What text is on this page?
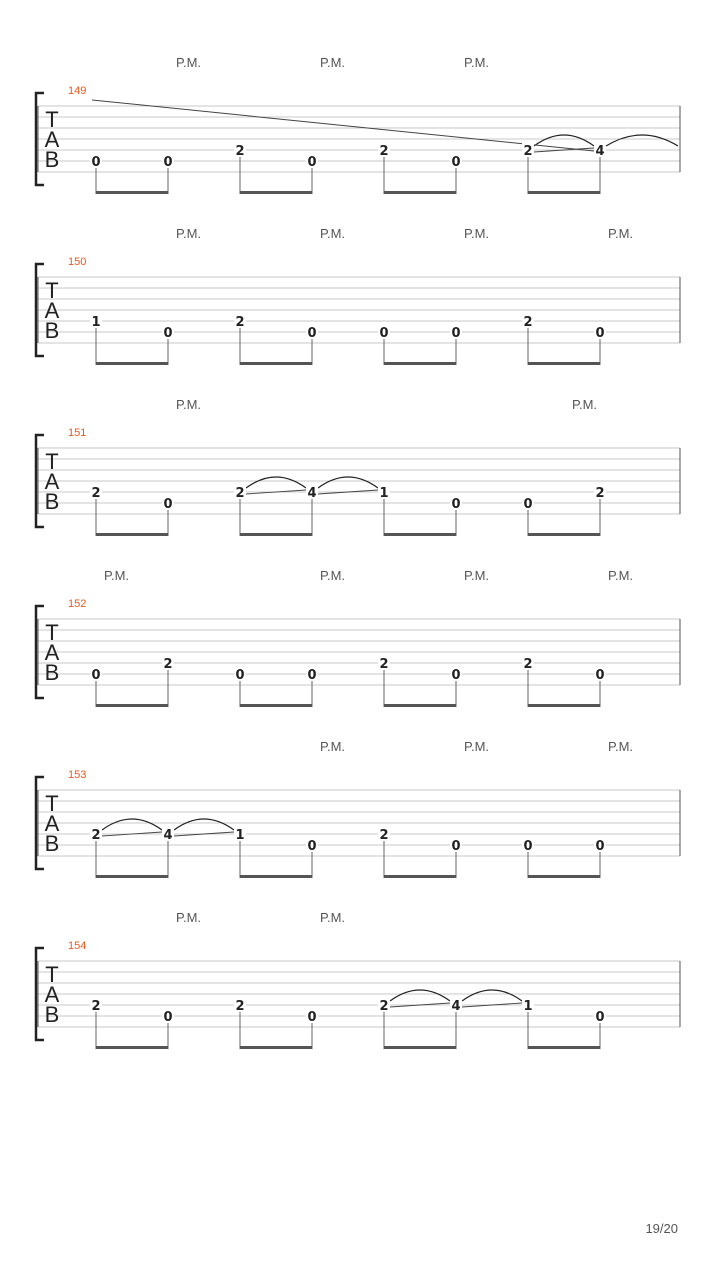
P.M.	P.M.	P.M.
149
T
A
B 0	0
2
0
2
0
2	4
P.M.	P.M.	P.M.	P.M.
150
T
A
B 1
0
2
0	0	0
2
0
P.M.	P.M.
151
T
A
B 2
0
2	4	1
0	0
2
P.M.	P.M.	P.M.	P.M.
152
T
A
B 0
2
0	0
2
0
2
0
P.M.	P.M.	P.M.
153
T
A
B 2	4	1
0
2
0	0	0
P.M.	P.M.
154
T
A
B 2
0
2
0
2	4	1
0
19/20
